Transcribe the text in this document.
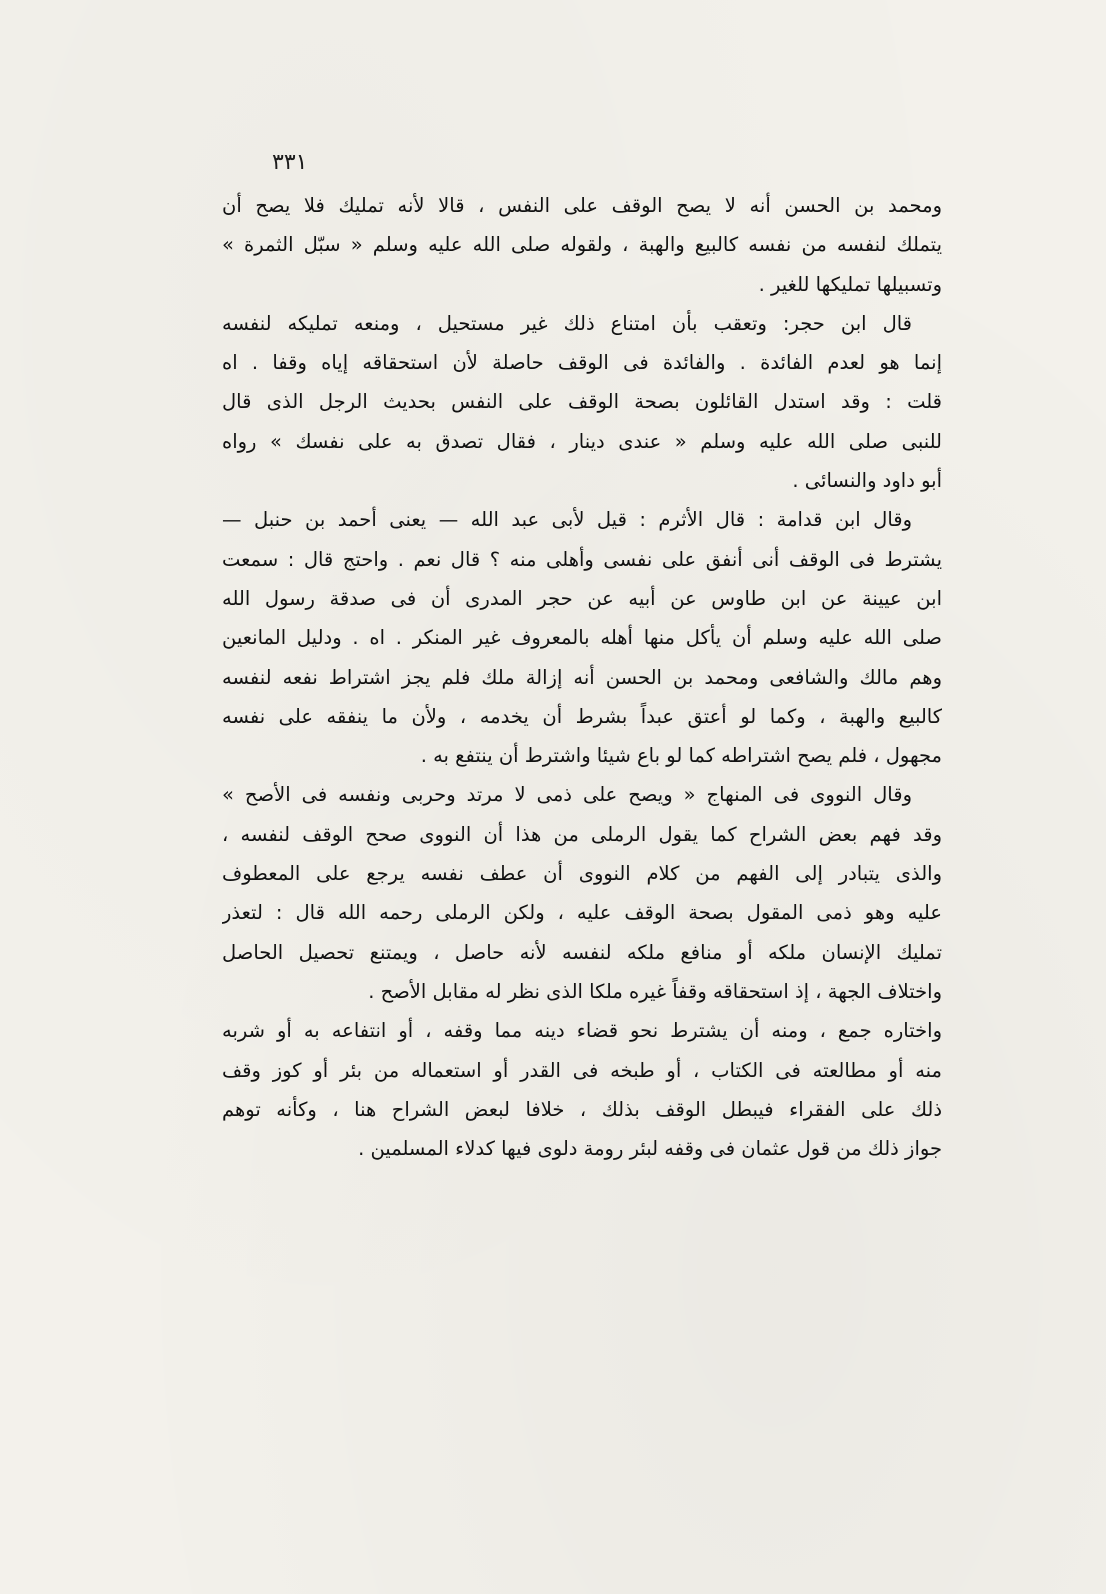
٣٣١
ومحمد بن الحسن أنه لا يصح الوقف على النفس ، قالا لأنه تمليك فلا يصح أن
يتملك لنفسه من نفسه كالبيع والهبة ، ولقوله صلى الله عليه وسلم « سبّل الثمرة »
وتسبيلها تمليكها للغير .
قال ابن حجر: وتعقب بأن امتناع ذلك غير مستحيل ، ومنعه تمليكه لنفسه
إنما هو لعدم الفائدة . والفائدة فى الوقف حاصلة لأن استحقاقه إياه وقفا . اه
قلت : وقد استدل القائلون بصحة الوقف على النفس بحديث الرجل الذى قال
للنبى صلى الله عليه وسلم « عندى دينار ، فقال تصدق به على نفسك » رواه
أبو داود والنسائى .
وقال ابن قدامة : قال الأثرم : قيل لأبى عبد الله — يعنى أحمد بن حنبل —
يشترط فى الوقف أنى أنفق على نفسى وأهلى منه ؟ قال نعم . واحتج قال : سمعت
ابن عيينة عن ابن طاوس عن أبيه عن حجر المدرى أن فى صدقة رسول الله
صلى الله عليه وسلم أن يأكل منها أهله بالمعروف غير المنكر . اه . ودليل المانعين
وهم مالك والشافعى ومحمد بن الحسن أنه إزالة ملك فلم يجز اشتراط نفعه لنفسه
كالبيع والهبة ، وكما لو أعتق عبداً بشرط أن يخدمه ، ولأن ما ينفقه على نفسه
مجهول ، فلم يصح اشتراطه كما لو باع شيئا واشترط أن ينتفع به .
وقال النووى فى المنهاج « ويصح على ذمى لا مرتد وحربى ونفسه فى الأصح »
وقد فهم بعض الشراح كما يقول الرملى من هذا أن النووى صحح الوقف لنفسه ،
والذى يتبادر إلى الفهم من كلام النووى أن عطف نفسه يرجع على المعطوف
عليه وهو ذمى المقول بصحة الوقف عليه ، ولكن الرملى رحمه الله قال : لتعذر
تمليك الإنسان ملكه أو منافع ملكه لنفسه لأنه حاصل ، ويمتنع تحصيل الحاصل
واختلاف الجهة ، إذ استحقاقه وقفاً غيره ملكا الذى نظر له مقابل الأصح .
واختاره جمع ، ومنه أن يشترط نحو قضاء دينه مما وقفه ، أو انتفاعه به أو شربه
منه أو مطالعته فى الكتاب ، أو طبخه فى القدر أو استعماله من بئر أو كوز وقف
ذلك على الفقراء فيبطل الوقف بذلك ، خلافا لبعض الشراح هنا ، وكأنه توهم
جواز ذلك من قول عثمان فى وقفه لبئر رومة دلوى فيها كدلاء المسلمين .
